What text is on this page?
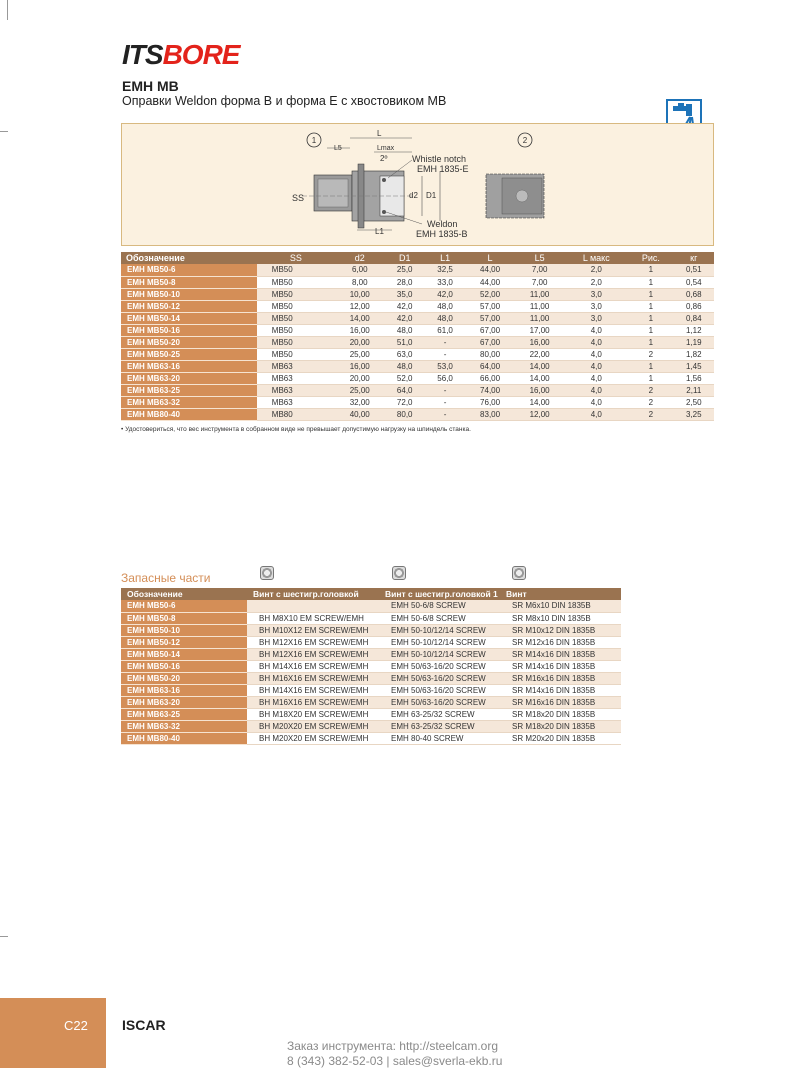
ITSBORE
EMH MB
Оправки Weldon форма В и форма Е с хвостовиком MB
1	2
L
L5	Lmax
2º
SS	d2 D1
Whistle notch
EMH 1835-E
L1
Weldon
EMH 1835-B
Обозначение	SS	d2	D1	L1	L	L5	L макс	Рис.	кг
EMH MB50-6	MB50	6,00	25,0	32,5	44,00	7,00	2,0	1	0,51
EMH MB50-8	MB50	8,00	28,0	33,0	44,00	7,00	2,0	1	0,54
EMH MB50-10	MB50	10,00	35,0	42,0	52,00	11,00	3,0	1	0,68
EMH MB50-12	MB50	12,00	42,0	48,0	57,00	11,00	3,0	1	0,86
EMH MB50-14	MB50	14,00	42,0	48,0	57,00	11,00	3,0	1	0,84
EMH MB50-16	MB50	16,00	48,0	61,0	67,00	17,00	4,0	1	1,12
EMH MB50-20	MB50	20,00	51,0	-	67,00	16,00	4,0	1	1,19
EMH MB50-25	MB50	25,00	63,0	-	80,00	22,00	4,0	2	1,82
EMH MB63-16	MB63	16,00	48,0	53,0	64,00	14,00	4,0	1	1,45
EMH MB63-20	MB63	20,00	52,0	56,0	66,00	14,00	4,0	1	1,56
EMH MB63-25	MB63	25,00	64,0	-	74,00	16,00	4,0	2	2,11
EMH MB63-32	MB63	32,00	72,0	-	76,00	14,00	4,0	2	2,50
EMH MB80-40	MB80	40,00	80,0	-	83,00	12,00	4,0	2	3,25
• Удостовериться, что вес инструмента в собранном виде не превышает допустимую нагрузку на шпиндель станка.
Запасные части
Обозначение	Винт с шестигр.головкой	Винт с шестигр.головкой 1	Винт
EMH MB50-6		EMH 50-6/8 SCREW	SR M6x10 DIN 1835B
EMH MB50-8	BH M8X10 EM SCREW/EMH	EMH 50-6/8 SCREW	SR M8x10 DIN 1835B
EMH MB50-10	BH M10X12 EM SCREW/EMH	EMH 50-10/12/14 SCREW	SR M10x12 DIN 1835B
EMH MB50-12	BH M12X16 EM SCREW/EMH	EMH 50-10/12/14 SCREW	SR M12x16 DIN 1835B
EMH MB50-14	BH M12X16 EM SCREW/EMH	EMH 50-10/12/14 SCREW	SR M14x16 DIN 1835B
EMH MB50-16	BH M14X16 EM SCREW/EMH	EMH 50/63-16/20 SCREW	SR M14x16 DIN 1835B
EMH MB50-20	BH M16X16 EM SCREW/EMH	EMH 50/63-16/20 SCREW	SR M16x16 DIN 1835B
EMH MB63-16	BH M14X16 EM SCREW/EMH	EMH 50/63-16/20 SCREW	SR M14x16 DIN 1835B
EMH MB63-20	BH M16X16 EM SCREW/EMH	EMH 50/63-16/20 SCREW	SR M16x16 DIN 1835B
EMH MB63-25	BH M18X20 EM SCREW/EMH	EMH 63-25/32 SCREW	SR M18x20 DIN 1835B
EMH MB63-32	BH M20X20 EM SCREW/EMH	EMH 63-25/32 SCREW	SR M18x20 DIN 1835B
EMH MB80-40	BH M20X20 EM SCREW/EMH	EMH 80-40 SCREW	SR M20x20 DIN 1835B
C22 ISCAR
Заказ инструмента: http://steelcam.org
8 (343) 382-52-03 | sales@sverla-ekb.ru
